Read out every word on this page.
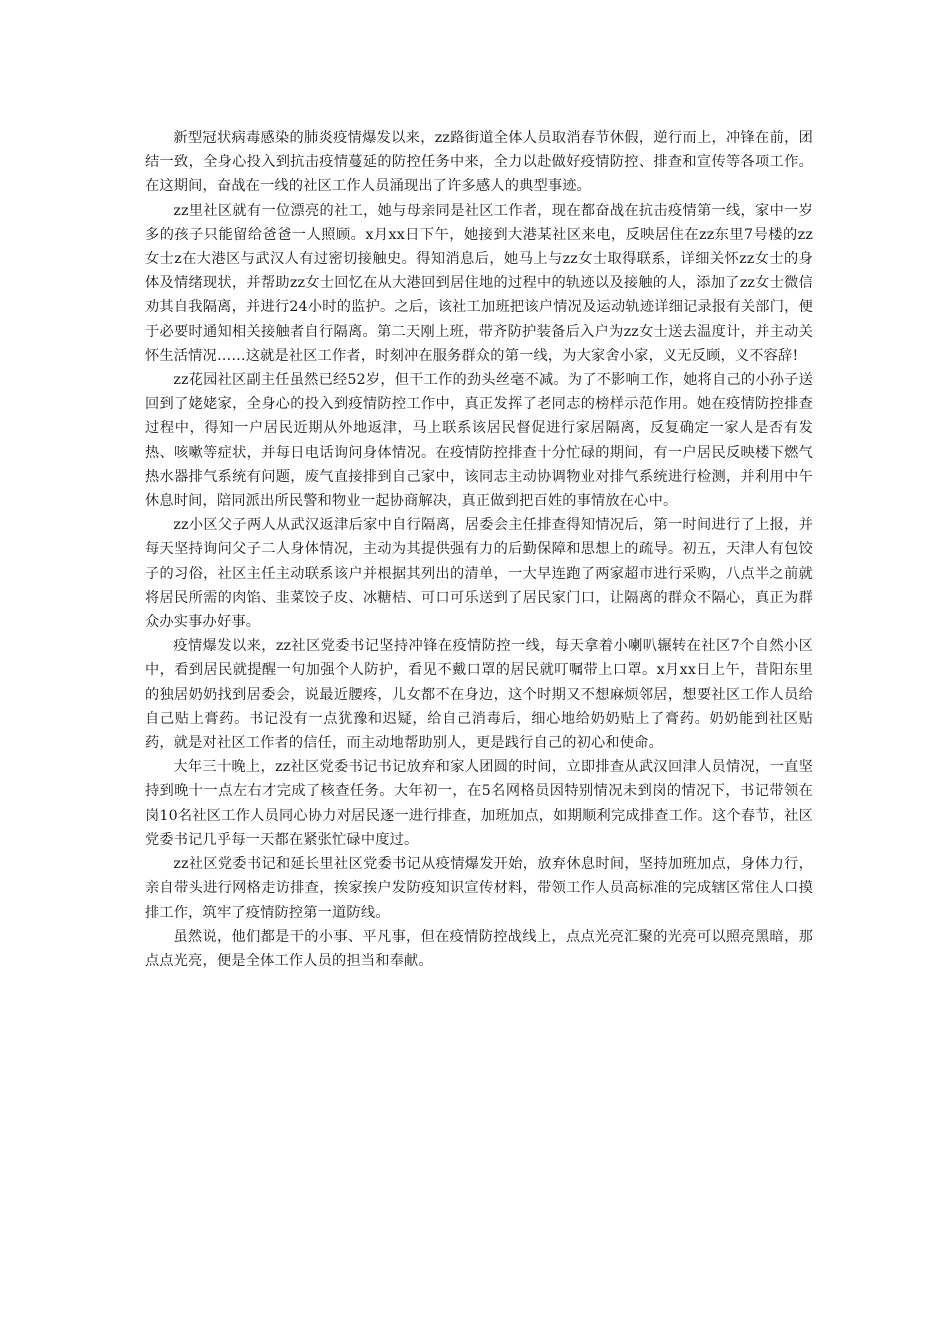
新型冠状病毒感染的肺炎疫情爆发以来，zz路街道全体人员取消春节休假，逆行而上，冲锋在前，团结一致，全身心投入到抗击疫情蔓延的防控任务中来，全力以赴做好疫情防控、排查和宣传等各项工作。在这期间，奋战在一线的社区工作人员涌现出了许多感人的典型事迹。

zz里社区就有一位漂亮的社工，她与母亲同是社区工作者，现在都奋战在抗击疫情第一线，家中一岁多的孩子只能留给爸爸一人照顾。x月xx日下午，她接到大港某社区来电，反映居住在zz东里7号楼的zz女士z在大港区与武汉人有过密切接触史。得知消息后，她马上与zz女士取得联系，详细关怀zz女士的身体及情绪现状，并帮助zz女士回忆在从大港回到居住地的过程中的轨迹以及接触的人，添加了zz女士微信劝其自我隔离，并进行24小时的监护。之后，该社工加班把该户情况及运动轨迹详细记录报有关部门，便于必要时通知相关接触者自行隔离。第二天刚上班，带齐防护装备后入户为zz女士送去温度计，并主动关怀生活情况……这就是社区工作者，时刻冲在服务群众的第一线，为大家舍小家，义无反顾，义不容辞!

zz花园社区副主任虽然已经52岁，但干工作的劲头丝毫不减。为了不影响工作，她将自己的小孙子送回到了姥姥家，全身心的投入到疫情防控工作中，真正发挥了老同志的榜样示范作用。她在疫情防控排查过程中，得知一户居民近期从外地返津，马上联系该居民督促进行家居隔离，反复确定一家人是否有发热、咳嗽等症状，并每日电话询问身体情况。在疫情防控排查十分忙碌的期间，有一户居民反映楼下燃气热水器排气系统有问题，废气直接排到自己家中，该同志主动协调物业对排气系统进行检测，并利用中午休息时间，陪同派出所民警和物业一起协商解决，真正做到把百姓的事情放在心中。

zz小区父子两人从武汉返津后家中自行隔离，居委会主任排查得知情况后，第一时间进行了上报，并每天坚持询问父子二人身体情况，主动为其提供强有力的后勤保障和思想上的疏导。初五，天津人有包饺子的习俗，社区主任主动联系该户并根据其列出的清单，一大早连跑了两家超市进行采购，八点半之前就将居民所需的肉馅、韭菜饺子皮、冰糖桔、可口可乐送到了居民家门口，让隔离的群众不隔心，真正为群众办实事办好事。

疫情爆发以来，zz社区党委书记坚持冲锋在疫情防控一线，每天拿着小喇叭辗转在社区7个自然小区中，看到居民就提醒一句加强个人防护，看见不戴口罩的居民就叮嘱带上口罩。x月xx日上午，昔阳东里的独居奶奶找到居委会，说最近腰疼，儿女都不在身边，这个时期又不想麻烦邻居，想要社区工作人员给自己贴上膏药。书记没有一点犹豫和迟疑，给自己消毒后，细心地给奶奶贴上了膏药。奶奶能到社区贴药，就是对社区工作者的信任，而主动地帮助别人，更是践行自己的初心和使命。

大年三十晚上，zz社区党委书记书记放弃和家人团圆的时间，立即排查从武汉回津人员情况，一直坚持到晚十一点左右才完成了核查任务。大年初一，在5名网格员因特别情况未到岗的情况下，书记带领在岗10名社区工作人员同心协力对居民逐一进行排查，加班加点，如期顺利完成排查工作。这个春节，社区党委书记几乎每一天都在紧张忙碌中度过。

zz社区党委书记和延长里社区党委书记从疫情爆发开始，放弃休息时间，坚持加班加点，身体力行，亲自带头进行网格走访排查，挨家挨户发防疫知识宣传材料，带领工作人员高标准的完成辖区常住人口摸排工作，筑牢了疫情防控第一道防线。

虽然说，他们都是干的小事、平凡事，但在疫情防控战线上，点点光亮汇聚的光亮可以照亮黑暗，那点点光亮，便是全体工作人员的担当和奉献。
